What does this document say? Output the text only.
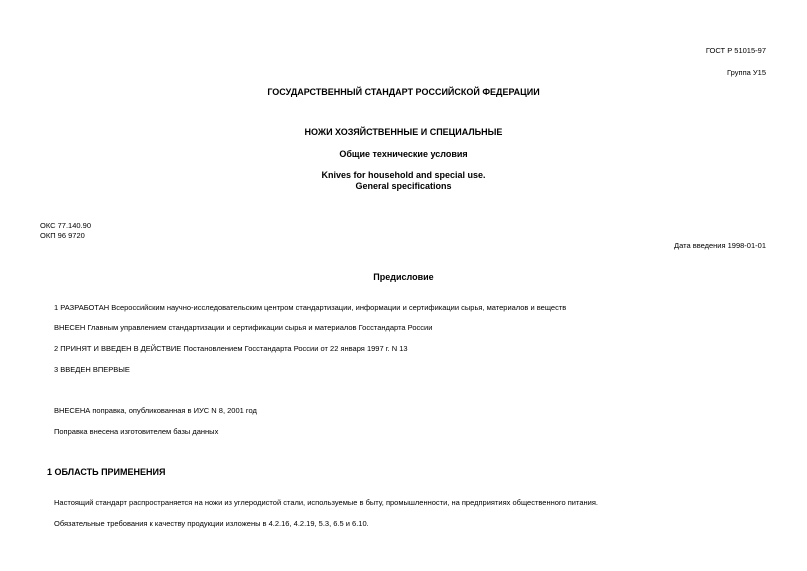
ГОСТ Р 51015-97
Группа У15
ГОСУДАРСТВЕННЫЙ СТАНДАРТ РОССИЙСКОЙ ФЕДЕРАЦИИ
НОЖИ ХОЗЯЙСТВЕННЫЕ И СПЕЦИАЛЬНЫЕ
Общие технические условия
Knives for household and special use.
General specifications
ОКС 77.140.90
ОКП 96 9720
Дата введения 1998-01-01
Предисловие
1 РАЗРАБОТАН Всероссийским научно-исследовательским центром стандартизации, информации и сертификации сырья, материалов и веществ
ВНЕСЕН Главным управлением стандартизации и сертификации сырья и материалов Госстандарта России
2 ПРИНЯТ И ВВЕДЕН В ДЕЙСТВИЕ Постановлением Госстандарта России от 22 января 1997 г. N 13
3 ВВЕДЕН ВПЕРВЫЕ
ВНЕСЕНА поправка, опубликованная в ИУС N 8, 2001 год
Поправка внесена изготовителем базы данных
1 ОБЛАСТЬ ПРИМЕНЕНИЯ
Настоящий стандарт распространяется на ножи из углеродистой стали, используемые в быту, промышленности, на предприятиях общественного питания.
Обязательные требования к качеству продукции изложены в 4.2.16, 4.2.19, 5.3, 6.5 и 6.10.
